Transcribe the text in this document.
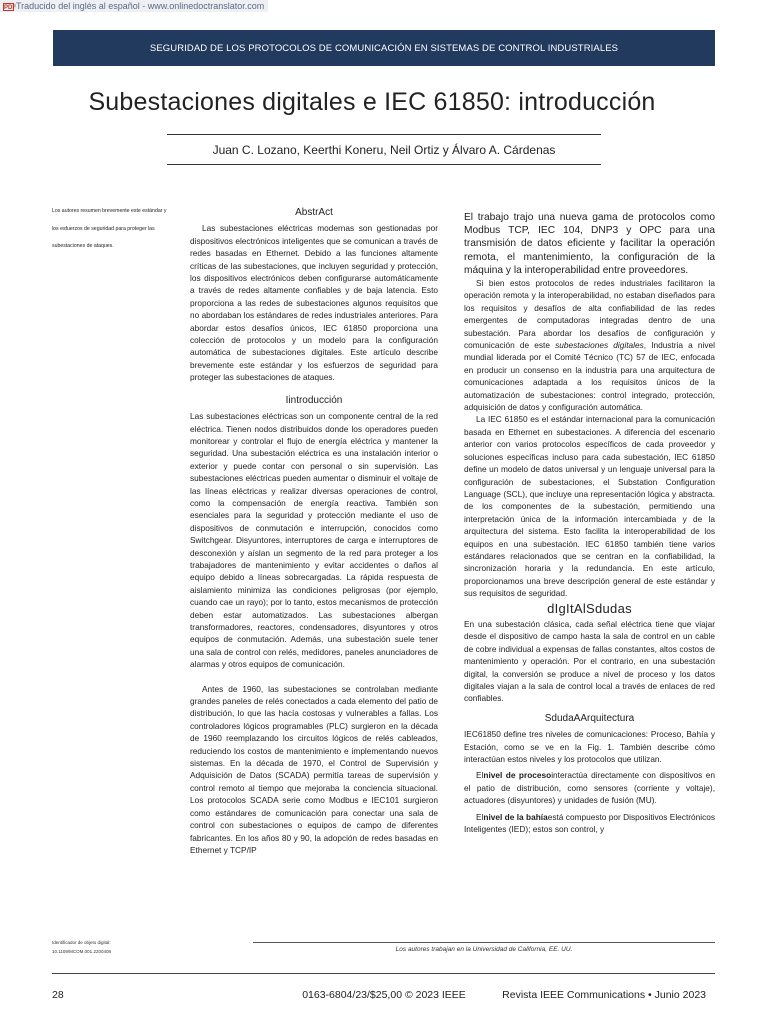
PDFTraducido del inglés al español - www.onlinedoctranslator.com
SEGURIDAD DE LOS PROTOCOLOS DE COMUNICACIÓN EN SISTEMAS DE CONTROL INDUSTRIALES
Subestaciones digitales e IEC 61850: introducción
Juan C. Lozano, Keerthi Koneru, Neil Ortiz y Álvaro A. Cárdenas
Los autores resumen brevemente este estándar y los esfuerzos de seguridad para proteger las subestaciones de ataques.
AbstrAct

Las subestaciones eléctricas modernas son gestionadas por dispositivos electrónicos inteligentes que se comunican a través de redes basadas en Ethernet. Debido a las funciones altamente críticas de las subestaciones, que incluyen seguridad y protección, los dispositivos electrónicos deben configurarse automáticamente a través de redes altamente confiables y de baja latencia. Esto proporciona a las redes de subestaciones algunos requisitos que no abordaban los estándares de redes industriales anteriores. Para abordar estos desafíos únicos, IEC 61850 proporciona una colección de protocolos y un modelo para la configuración automática de subestaciones digitales. Este artículo describe brevemente este estándar y los esfuerzos de seguridad para proteger las subestaciones de ataques.

Iintroducción

Las subestaciones eléctricas son un componente central de la red eléctrica. Tienen nodos distribuidos donde los operadores pueden monitorear y controlar el flujo de energía eléctrica y mantener la seguridad. Una subestación eléctrica es una instalación interior o exterior y puede contar con personal o sin supervisión. Las subestaciones eléctricas pueden aumentar o disminuir el voltaje de las líneas eléctricas y realizar diversas operaciones de control, como la compensación de energía reactiva. También son esenciales para la seguridad y protección mediante el uso de dispositivos de conmutación e interrupción, conocidos como Switchgear. Disyuntores, interruptores de carga e interruptores de desconexión y aíslan un segmento de la red para proteger a los trabajadores de mantenimiento y evitar accidentes o daños al equipo debido a líneas sobrecargadas. La rápida respuesta de aislamiento minimiza las condiciones peligrosas (por ejemplo, cuando cae un rayo); por lo tanto, estos mecanismos de protección deben estar automatizados. Las subestaciones albergan transformadores, reactores, condensadores, disyuntores y otros equipos de conmutación. Además, una subestación suele tener una sala de control con relés, medidores, paneles anunciadores de alarmas y otros equipos de comunicación.

Antes de 1960, las subestaciones se controlaban mediante grandes paneles de relés conectados a cada elemento del patio de distribución, lo que las hacía costosas y vulnerables a fallas. Los controladores lógicos programables (PLC) surgieron en la década de 1960 reemplazando los circuitos lógicos de relés cableados, reduciendo los costos de mantenimiento e implementando nuevos sistemas. En la década de 1970, el Control de Supervisión y Adquisición de Datos (SCADA) permitía tareas de supervisión y control remoto al tiempo que mejoraba la conciencia situacional. Los protocolos SCADA serie como Modbus e IEC101 surgieron como estándares de comunicación para conectar una sala de control con subestaciones o equipos de campo de diferentes fabricantes. En los años 80 y 90, la adopción de redes basadas en Ethernet y TCP/IP

El trabajo trajo una nueva gama de protocolos como Modbus TCP, IEC 104, DNP3 y OPC para una transmisión de datos eficiente y facilitar la operación remota, el mantenimiento, la configuración de la máquina y la interoperabilidad entre proveedores.

Si bien estos protocolos de redes industriales facilitaron la operación remota y la interoperabilidad, no estaban diseñados para los requisitos y desafíos de alta confiabilidad de las redes emergentes de computadoras integradas dentro de una subestación. Para abordar los desafíos de configuración y comunicación de este subestaciones digitales, Industria a nivel mundial liderada por el Comité Técnico (TC) 57 de IEC, enfocada en producir un consenso en la industria para una arquitectura de comunicaciones adaptada a los requisitos únicos de la automatización de subestaciones: control integrado, protección, adquisición de datos y configuración automática.

La IEC 61850 es el estándar internacional para la comunicación basada en Ethernet en subestaciones. A diferencia del escenario anterior con varios protocolos específicos de cada proveedor y soluciones específicas incluso para cada subestación, IEC 61850 define un modelo de datos universal y un lenguaje universal para la configuración de subestaciones, el Substation Configuration Language (SCL), que incluye una representación lógica y abstracta. de los componentes de la subestación, permitiendo una interpretación única de la información intercambiada y de la arquitectura del sistema. Esto facilita la interoperabilidad de los equipos en una subestación. IEC 61850 también tiene varios estándares relacionados que se centran en la confiabilidad, la sincronización horaria y la redundancia. En este artículo, proporcionamos una breve descripción general de este estándar y sus requisitos de seguridad.

dIgItAlSdudas

En una subestación clásica, cada señal eléctrica tiene que viajar desde el dispositivo de campo hasta la sala de control en un cable de cobre individual a expensas de fallas constantes, altos costos de mantenimiento y operación. Por el contrario, en una subestación digital, la conversión se produce a nivel de proceso y los datos digitales viajan a la sala de control local a través de enlaces de red confiables.

SdudaAArquitectura

IEC61850 define tres niveles de comunicaciones: Proceso, Bahía y Estación, como se ve en la Fig. 1. También describe cómo interactúan estos niveles y los protocolos que utilizan.

Elnivel de procesointeractúa directamente con dispositivos en el patio de distribución, como sensores (corriente y voltaje), actuadores (disyuntores) y unidades de fusión (MU).

Elnivel de la bahíaestá compuesto por Dispositivos Electrónicos Inteligentes (IED); estos son control, y

Identificador de objeto digital:
10.1109/MCOM.001.2200408	Los autores trabajan en la Universidad de California, EE. UU.
28	0163-6804/23/$25,00 © 2023 IEEE	Revista IEEE Communications • Junio 2023
